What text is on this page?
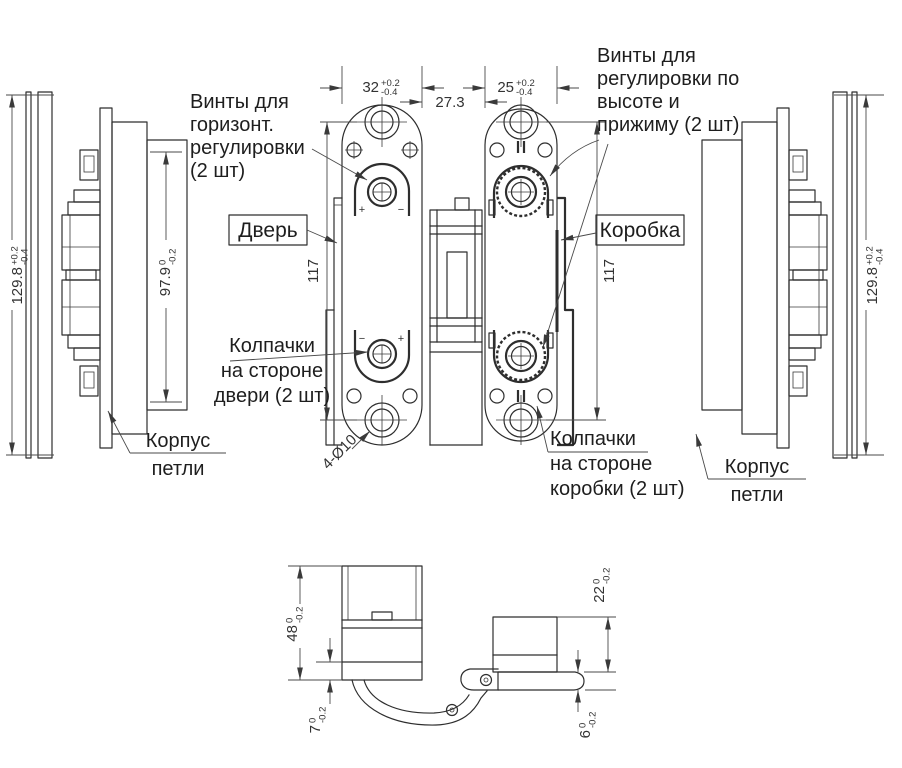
129.8
+0.2 -0.4
97.9
0 -0.2
Корпус
петли
+	−
−	+
32 +0.2
-0.4
27.3
25 +0.2
-0.4
117	117
4-Ø10
129.8
+0.2 -0.4
Корпус
петли
48
0 -0.2
7
0 -0.2
22
0 -0.2
6
0 -0.2
Винты для
горизонт.
регулировки
(2 шт)
Винты для
регулировки по
высоте и
прижиму (2 шт)
Дверь	Коробка
Колпачки
на стороне
двери (2 шт)
Колпачки
на стороне
коробки (2 шт)
